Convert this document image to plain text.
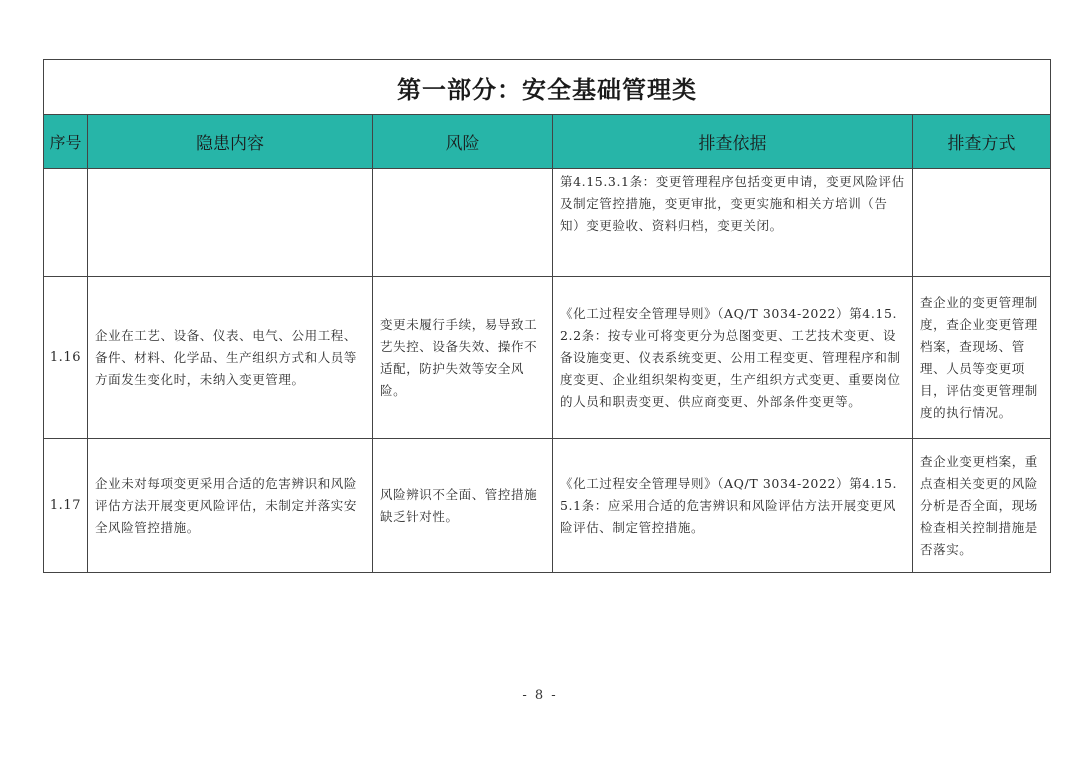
第一部分：安全基础管理类				
序号	隐患内容	风险	排查依据	排查方式
			第4.15.3.1条：变更管理程序包括变更申请，变更风险评估及制定管控措施，变更审批，变更实施和相关方培训（告知）变更验收、资料归档，变更关闭。	
1.16	企业在工艺、设备、仪表、电气、公用工程、备件、材料、化学品、生产组织方式和人员等方面发生变化时，未纳入变更管理。	变更未履行手续，易导致工艺失控、设备失效、操作不适配，防护失效等安全风险。	《化工过程安全管理导则》（AQ/T 3034-2022）第4.15.2.2条：按专业可将变更分为总图变更、工艺技术变更、设备设施变更、仪表系统变更、公用工程变更、管理程序和制度变更、企业组织架构变更，生产组织方式变更、重要岗位的人员和职责变更、供应商变更、外部条件变更等。	查企业的变更管理制度，查企业变更管理档案，查现场、管理、人员等变更项目，评估变更管理制度的执行情况。
1.17	企业未对每项变更采用合适的危害辨识和风险评估方法开展变更风险评估，未制定并落实安全风险管控措施。	风险辨识不全面、管控措施缺乏针对性。	《化工过程安全管理导则》（AQ/T 3034-2022）第4.15.5.1条：应采用合适的危害辨识和风险评估方法开展变更风险评估、制定管控措施。	查企业变更档案，重点查相关变更的风险分析是否全面，现场检查相关控制措施是否落实。
- 8 -
